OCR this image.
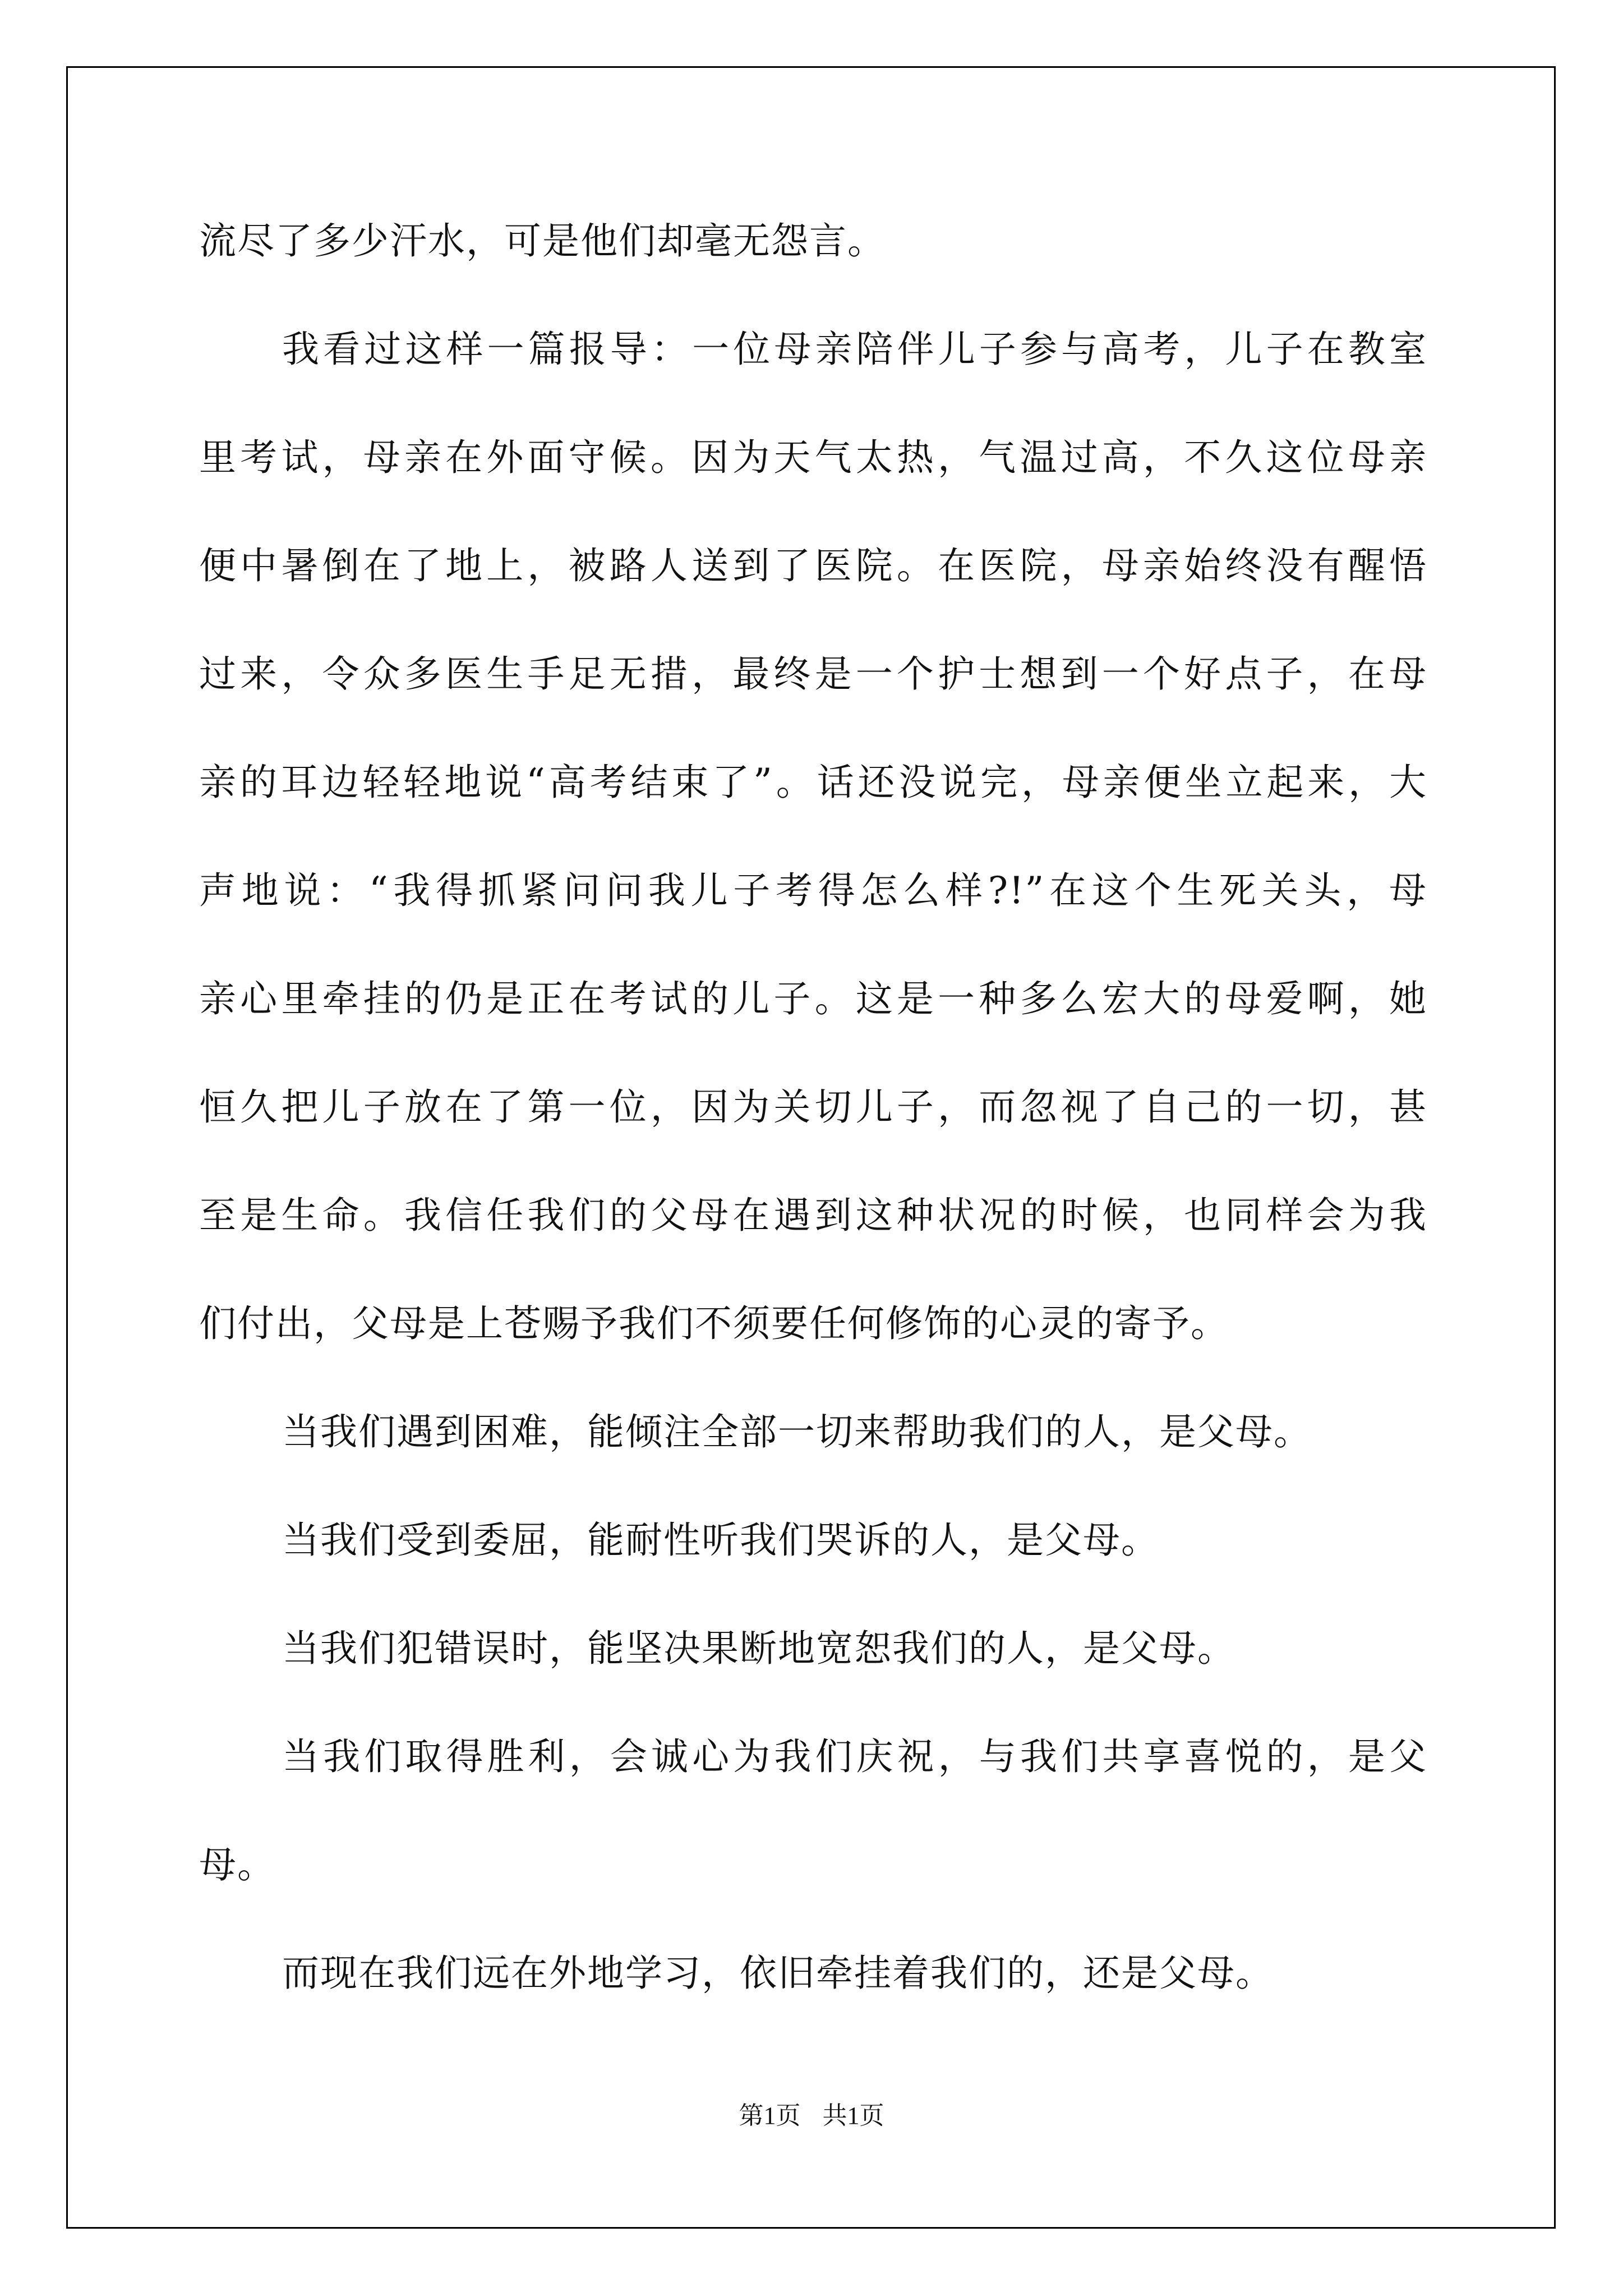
流尽了多少汗水，可是他们却毫无怨言。
我看过这样一篇报导：一位母亲陪伴儿子参与高考，儿子在教室
里考试，母亲在外面守候。因为天气太热，气温过高，不久这位母亲
便中暑倒在了地上，被路人送到了医院。在医院，母亲始终没有醒悟
过来，令众多医生手足无措，最终是一个护士想到一个好点子，在母
亲的耳边轻轻地说“高考结束了”。话还没说完，母亲便坐立起来，大
声地说：“我得抓紧问问我儿子考得怎么样?!”在这个生死关头，母
亲心里牵挂的仍是正在考试的儿子。这是一种多么宏大的母爱啊，她
恒久把儿子放在了第一位，因为关切儿子，而忽视了自己的一切，甚
至是生命。我信任我们的父母在遇到这种状况的时候，也同样会为我
们付出，父母是上苍赐予我们不须要任何修饰的心灵的寄予。
当我们遇到困难，能倾注全部一切来帮助我们的人，是父母。
当我们受到委屈，能耐性听我们哭诉的人，是父母。
当我们犯错误时，能坚决果断地宽恕我们的人，是父母。
当我们取得胜利，会诚心为我们庆祝，与我们共享喜悦的，是父
母。
而现在我们远在外地学习，依旧牵挂着我们的，还是父母。
第1页 共1页
